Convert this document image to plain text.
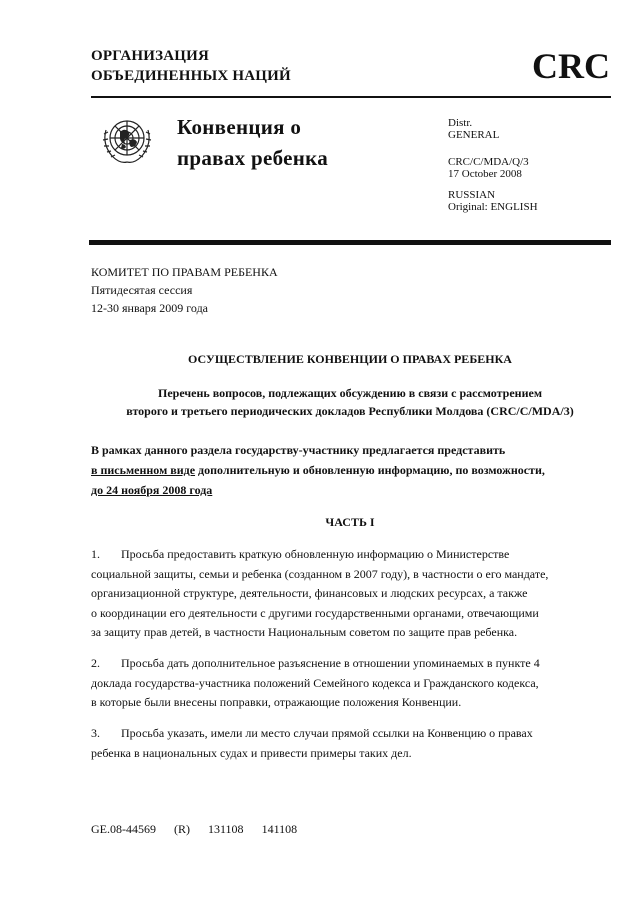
ОРГАНИЗАЦИЯ
ОБЪЕДИНЕННЫХ НАЦИЙ	CRC
Конвенция о
правах ребенка
Distr.
GENERAL
CRC/C/MDA/Q/3
17 October 2008
RUSSIAN
Original: ENGLISH
КОМИТЕТ ПО ПРАВАМ РЕБЕНКА
Пятидесятая сессия
12-30 января 2009 года
ОСУЩЕСТВЛЕНИЕ КОНВЕНЦИИ О ПРАВАХ РЕБЕНКА
Перечень вопросов, подлежащих обсуждению в связи с рассмотрением
второго и третьего периодических докладов Республики Молдова (CRC/C/MDA/3)
В рамках данного раздела государству-участнику предлагается представить
в письменном виде дополнительную и обновленную информацию, по возможности,
до 24 ноября 2008 года
ЧАСТЬ I
1. Просьба предоставить краткую обновленную информацию о Министерстве
социальной защиты, семьи и ребенка (созданном в 2007 году), в частности о его мандате,
организационной структуре, деятельности, финансовых и людских ресурсах, а также
о координации его деятельности с другими государственными органами, отвечающими
за защиту прав детей, в частности Национальным советом по защите прав ребенка.
2. Просьба дать дополнительное разъяснение в отношении упоминаемых в пункте 4
доклада государства-участника положений Семейного кодекса и Гражданского кодекса,
в которые были внесены поправки, отражающие положения Конвенции.
3. Просьба указать, имели ли место случаи прямой ссылки на Конвенцию о правах
ребенка в национальных судах и привести примеры таких дел.
GE.08-44569 (R) 131108 141108
